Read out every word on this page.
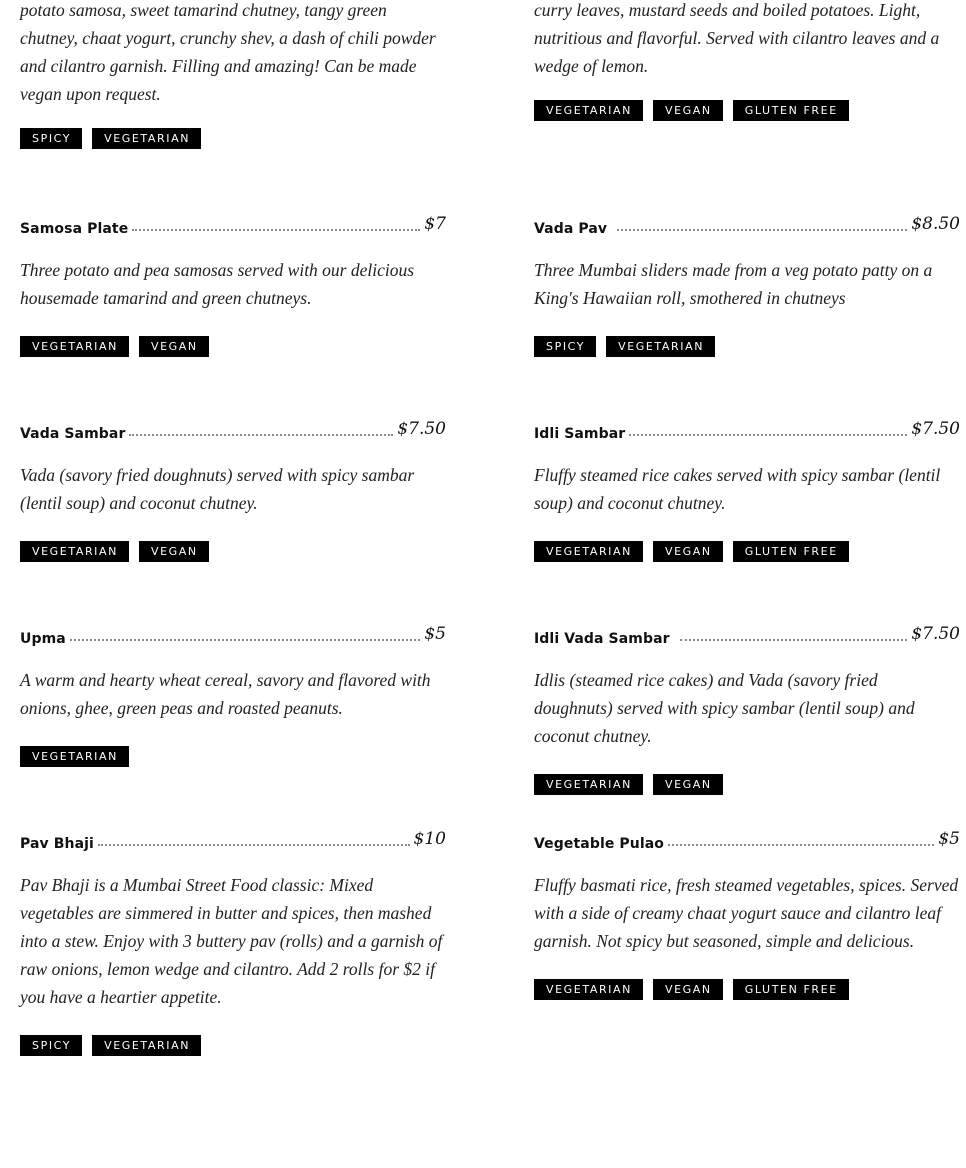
potato samosa, sweet tamarind chutney, tangy green chutney, chaat yogurt, crunchy shev, a dash of chili powder and cilantro garnish. Filling and amazing! Can be made vegan upon request.

SPICY	VEGETARIAN

curry leaves, mustard seeds and boiled potatoes. Light, nutritious and flavorful. Served with cilantro leaves and a wedge of lemon.

VEGETARIAN	VEGAN	GLUTEN FREE
Samosa Plate	$7

Three potato and pea samosas served with our delicious housemade tamarind and green chutneys.

VEGETARIAN	VEGAN
Vada Pav	$8.50

Three Mumbai sliders made from a veg potato patty on a King's Hawaiian roll, smothered in chutneys

SPICY	VEGETARIAN
Vada Sambar	$7.50

Vada (savory fried doughnuts) served with spicy sambar (lentil soup) and coconut chutney.

VEGETARIAN	VEGAN
Idli Sambar	$7.50

Fluffy steamed rice cakes served with spicy sambar (lentil soup) and coconut chutney.

VEGETARIAN	VEGAN	GLUTEN FREE
Upma	$5

A warm and hearty wheat cereal, savory and flavored with onions, ghee, green peas and roasted peanuts.

VEGETARIAN
Idli Vada Sambar	$7.50

Idlis (steamed rice cakes) and Vada (savory fried doughnuts) served with spicy sambar (lentil soup) and coconut chutney.

VEGETARIAN	VEGAN
Pav Bhaji	$10

Pav Bhaji is a Mumbai Street Food classic: Mixed vegetables are simmered in butter and spices, then mashed into a stew. Enjoy with 3 buttery pav (rolls) and a garnish of raw onions, lemon wedge and cilantro. Add 2 rolls for $2 if you have a heartier appetite.

SPICY	VEGETARIAN
Vegetable Pulao	$5

Fluffy basmati rice, fresh steamed vegetables, spices. Served with a side of creamy chaat yogurt sauce and cilantro leaf garnish. Not spicy but seasoned, simple and delicious.

VEGETARIAN	VEGAN	GLUTEN FREE
